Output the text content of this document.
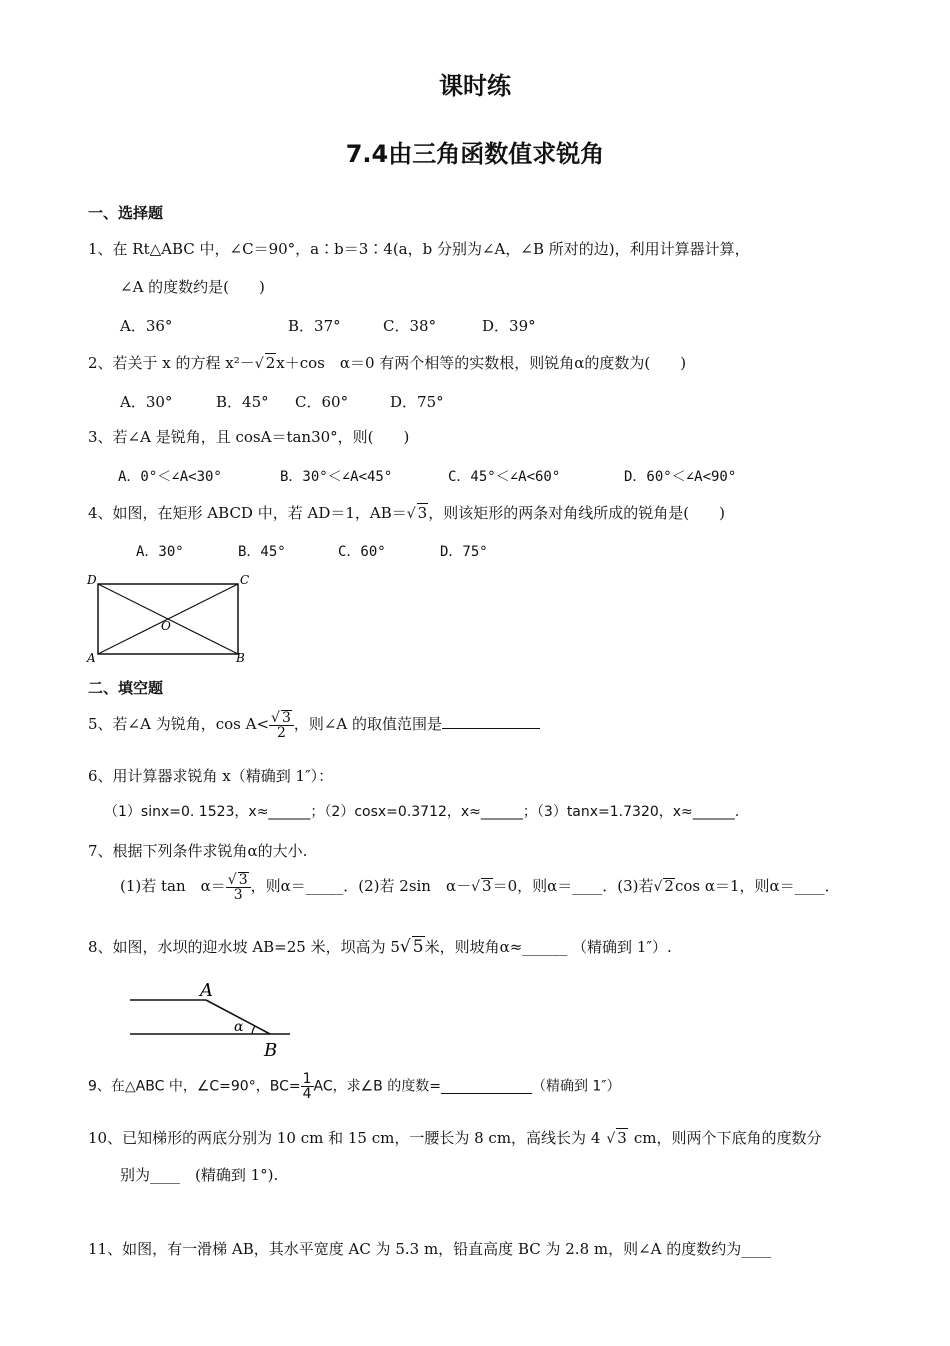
课时练
7.4由三角函数值求锐角
一、选择题
1、在 Rt△ABC 中，∠C＝90°，a∶b＝3∶4(a，b 分别为∠A，∠B 所对的边)，利用计算器计算，
∠A 的度数约是(　　)
A．36°	B．37°	C．38°	D．39°
2、若关于 x 的方程 x²－√ 2x＋cos　α＝0 有两个相等的实数根，则锐角α的度数为(　　)
A．30°	B．45° C．60°	D．75°
3、若∠A 是锐角，且 cosA＝tan30°，则(　　)
A．0°＜∠A<30°	B．30°＜∠A<45°	C．45°＜∠A<60°	D．60°＜∠A<90°
4、如图，在矩形 ABCD 中，若 AD＝1，AB＝√ 3，则该矩形的两条对角线所成的锐角是(　　)
A．30°	B．45°	C．60°	D．75°
D	C
A	B
O
二、填空题
5、若∠A 为锐角，$\cos A< \frac{√ 3}{2}$ ，则∠A 的取值范围是
6、用计算器求锐角 x（精确到 1″）：
（1）sinx=0. 1523，x≈______；（2）cosx=0.3712，x≈______；（3）tanx=1.7320，x≈______.
7、根据下列条件求锐角α的大小.
(1)若 tan　$\alpha= \frac{√ 3}{3}$ ，则α＝_____．(2)若 2sin　α－√ 3＝0，则α＝____．(3)若√ 2cos α＝1，则α＝____．
8、如图，水坝的迎水坡 AB=25 米，坝高为 5√ 5米，则坡角α≈______ （精确到 1″）.
A
α
B
9、在△ABC 中，∠C=90°，$BC= \frac{1}{4}$ AC，求∠B 的度数=_____________（精确到 1″）
10、已知梯形的两底分别为 10 cm 和 15 cm，一腰长为 8 cm，高线长为 4 √ 3 cm，则两个下底角的度数分
别为____　(精确到 1°).
11、如图，有一滑梯 AB，其水平宽度 AC 为 5.3 m，铅直高度 BC 为 2.8 m，则∠A 的度数约为____
